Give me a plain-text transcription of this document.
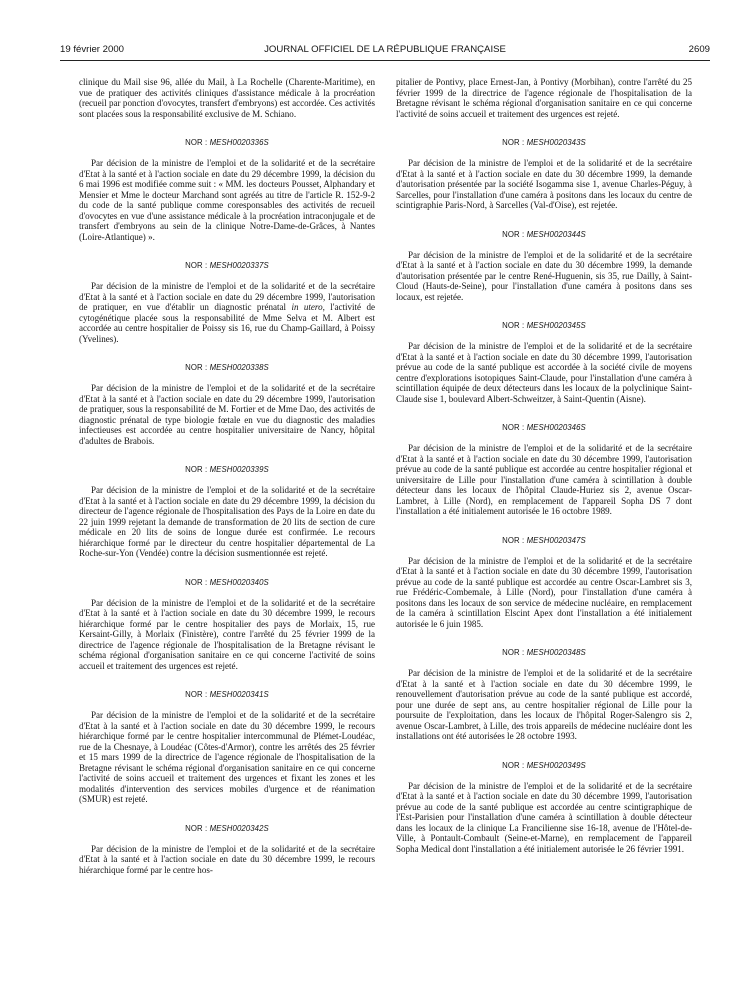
19 février 2000	JOURNAL OFFICIEL DE LA RÉPUBLIQUE FRANÇAISE	2609

clinique du Mail sise 96, allée du Mail, à La Rochelle (Charente-Maritime), en vue de pratiquer des activités cliniques d'assistance médicale à la procréation (recueil par ponction d'ovocytes, transfert d'embryons) est accordée. Ces activités sont placées sous la responsabilité exclusive de M. Schiano.

NOR : MESH0020336S

Par décision de la ministre de l'emploi et de la solidarité et de la secrétaire d'Etat à la santé et à l'action sociale en date du 29 décembre 1999, la décision du 6 mai 1996 est modifiée comme suit : « MM. les docteurs Pousset, Alphandary et Mensier et Mme le docteur Marchand sont agréés au titre de l'article R. 152-9-2 du code de la santé publique comme coresponsables des activités de recueil d'ovocytes en vue d'une assistance médicale à la procréation intraconjugale et de transfert d'embryons au sein de la clinique Notre-Dame-de-Grâces, à Nantes (Loire-Atlantique) ».

NOR : MESH0020337S

Par décision de la ministre de l'emploi et de la solidarité et de la secrétaire d'Etat à la santé et à l'action sociale en date du 29 décembre 1999, l'autorisation de pratiquer, en vue d'établir un diagnostic prénatal in utero, l'activité de cytogénétique placée sous la responsabilité de Mme Selva et M. Albert est accordée au centre hospitalier de Poissy sis 16, rue du Champ-Gaillard, à Poissy (Yvelines).

NOR : MESH0020338S

Par décision de la ministre de l'emploi et de la solidarité et de la secrétaire d'Etat à la santé et à l'action sociale en date du 29 décembre 1999, l'autorisation de pratiquer, sous la responsabilité de M. Fortier et de Mme Dao, des activités de diagnostic prénatal de type biologie fœtale en vue du diagnostic des maladies infectieuses est accordée au centre hospitalier universitaire de Nancy, hôpital d'adultes de Brabois.

NOR : MESH0020339S

Par décision de la ministre de l'emploi et de la solidarité et de la secrétaire d'Etat à la santé et à l'action sociale en date du 29 décembre 1999, la décision du directeur de l'agence régionale de l'hospitalisation des Pays de la Loire en date du 22 juin 1999 rejetant la demande de transformation de 20 lits de section de cure médicale en 20 lits de soins de longue durée est confirmée. Le recours hiérarchique formé par le directeur du centre hospitalier départemental de La Roche-sur-Yon (Vendée) contre la décision susmentionnée est rejeté.

NOR : MESH0020340S

Par décision de la ministre de l'emploi et de la solidarité et de la secrétaire d'Etat à la santé et à l'action sociale en date du 30 décembre 1999, le recours hiérarchique formé par le centre hospitalier des pays de Morlaix, 15, rue Kersaint-Gilly, à Morlaix (Finistère), contre l'arrêté du 25 février 1999 de la directrice de l'agence régionale de l'hospitalisation de la Bretagne révisant le schéma régional d'organisation sanitaire en ce qui concerne l'activité de soins accueil et traitement des urgences est rejeté.

NOR : MESH0020341S

Par décision de la ministre de l'emploi et de la solidarité et de la secrétaire d'Etat à la santé et à l'action sociale en date du 30 décembre 1999, le recours hiérarchique formé par le centre hospitalier intercommunal de Plémet-Loudéac, rue de la Chesnaye, à Loudéac (Côtes-d'Armor), contre les arrêtés des 25 février et 15 mars 1999 de la directrice de l'agence régionale de l'hospitalisation de la Bretagne révisant le schéma régional d'organisation sanitaire en ce qui concerne l'activité de soins accueil et traitement des urgences et fixant les zones et les modalités d'intervention des services mobiles d'urgence et de réanimation (SMUR) est rejeté.

NOR : MESH0020342S

Par décision de la ministre de l'emploi et de la solidarité et de la secrétaire d'Etat à la santé et à l'action sociale en date du 30 décembre 1999, le recours hiérarchique formé par le centre hos-

pitalier de Pontivy, place Ernest-Jan, à Pontivy (Morbihan), contre l'arrêté du 25 février 1999 de la directrice de l'agence régionale de l'hospitalisation de la Bretagne révisant le schéma régional d'organisation sanitaire en ce qui concerne l'activité de soins accueil et traitement des urgences est rejeté.

NOR : MESH0020343S

Par décision de la ministre de l'emploi et de la solidarité et de la secrétaire d'Etat à la santé et à l'action sociale en date du 30 décembre 1999, la demande d'autorisation présentée par la société Isogamma sise 1, avenue Charles-Péguy, à Sarcelles, pour l'installation d'une caméra à positons dans les locaux du centre de scintigraphie Paris-Nord, à Sarcelles (Val-d'Oise), est rejetée.

NOR : MESH0020344S

Par décision de la ministre de l'emploi et de la solidarité et de la secrétaire d'Etat à la santé et à l'action sociale en date du 30 décembre 1999, la demande d'autorisation présentée par le centre René-Huguenin, sis 35, rue Dailly, à Saint-Cloud (Hauts-de-Seine), pour l'installation d'une caméra à positons dans ses locaux, est rejetée.

NOR : MESH0020345S

Par décision de la ministre de l'emploi et de la solidarité et de la secrétaire d'Etat à la santé et à l'action sociale en date du 30 décembre 1999, l'autorisation prévue au code de la santé publique est accordée à la société civile de moyens centre d'explorations isotopiques Saint-Claude, pour l'installation d'une caméra à scintillation équipée de deux détecteurs dans les locaux de la polyclinique Saint-Claude sise 1, boulevard Albert-Schweitzer, à Saint-Quentin (Aisne).

NOR : MESH0020346S

Par décision de la ministre de l'emploi et de la solidarité et de la secrétaire d'Etat à la santé et à l'action sociale en date du 30 décembre 1999, l'autorisation prévue au code de la santé publique est accordée au centre hospitalier régional et universitaire de Lille pour l'installation d'une caméra à scintillation à double détecteur dans les locaux de l'hôpital Claude-Huriez sis 2, avenue Oscar-Lambret, à Lille (Nord), en remplacement de l'appareil Sopha DS 7 dont l'installation a été initialement autorisée le 16 octobre 1989.

NOR : MESH0020347S

Par décision de la ministre de l'emploi et de la solidarité et de la secrétaire d'Etat à la santé et à l'action sociale en date du 30 décembre 1999, l'autorisation prévue au code de la santé publique est accordée au centre Oscar-Lambret sis 3, rue Frédéric-Combemale, à Lille (Nord), pour l'installation d'une caméra à positons dans les locaux de son service de médecine nucléaire, en remplacement de la caméra à scintillation Elscint Apex dont l'installation a été initialement autorisée le 6 juin 1985.

NOR : MESH0020348S

Par décision de la ministre de l'emploi et de la solidarité et de la secrétaire d'Etat à la santé et à l'action sociale en date du 30 décembre 1999, le renouvellement d'autorisation prévue au code de la santé publique est accordé, pour une durée de sept ans, au centre hospitalier régional de Lille pour la poursuite de l'exploitation, dans les locaux de l'hôpital Roger-Salengro sis 2, avenue Oscar-Lambret, à Lille, des trois appareils de médecine nucléaire dont les installations ont été autorisées le 28 octobre 1993.

NOR : MESH0020349S

Par décision de la ministre de l'emploi et de la solidarité et de la secrétaire d'Etat à la santé et à l'action sociale en date du 30 décembre 1999, l'autorisation prévue au code de la santé publique est accordée au centre scintigraphique de l'Est-Parisien pour l'installation d'une caméra à scintillation à double détecteur dans les locaux de la clinique La Francilienne sise 16-18, avenue de l'Hôtel-de-Ville, à Pontault-Combault (Seine-et-Marne), en remplacement de l'appareil Sopha Medical dont l'installation a été initialement autorisée le 26 février 1991.
